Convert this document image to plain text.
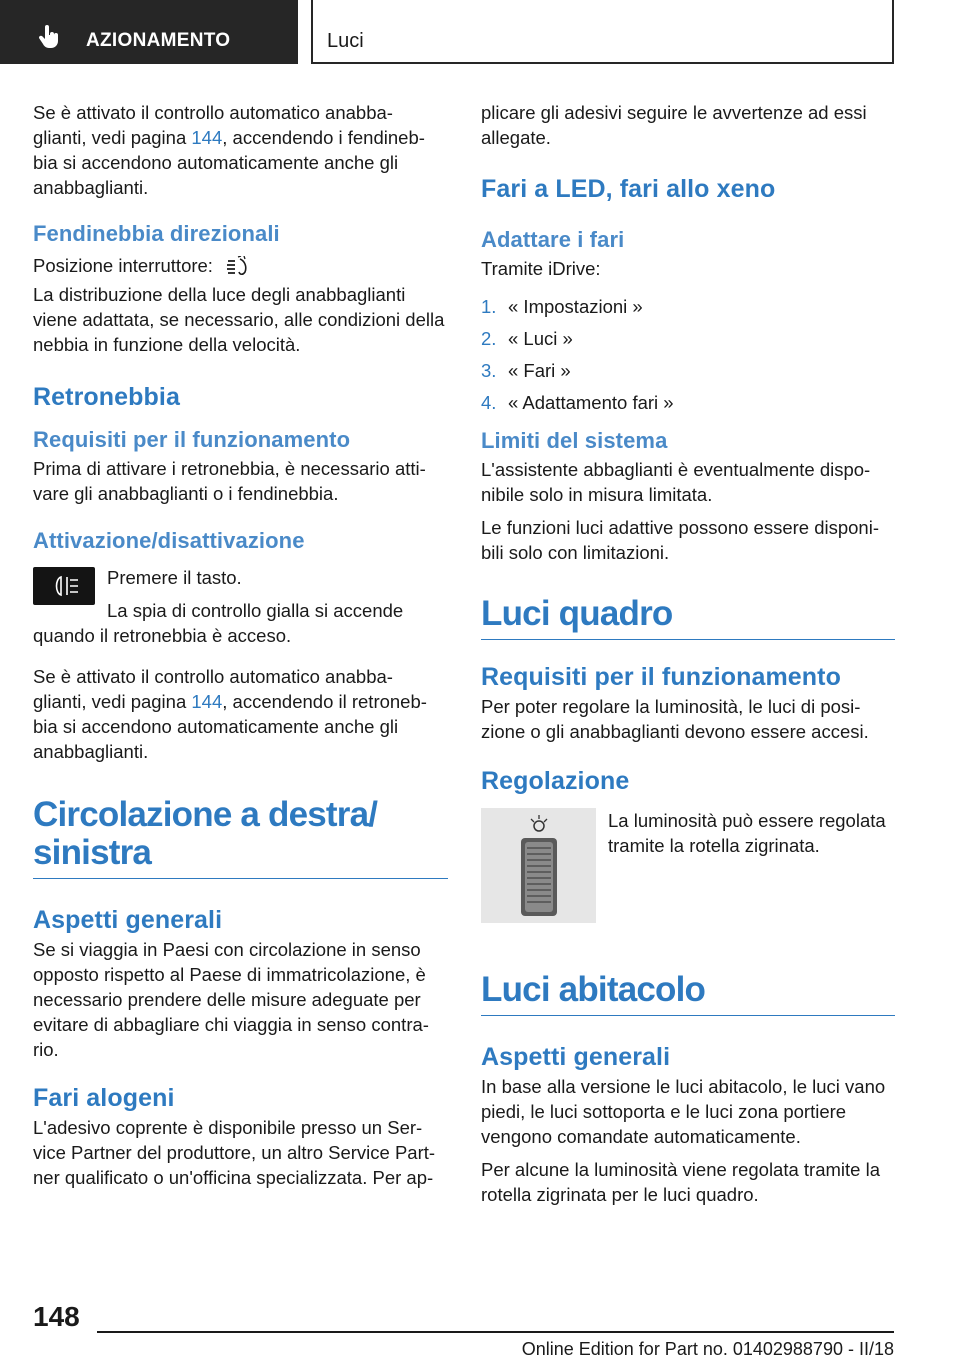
AZIONAMENTO	Luci

Se è attivato il controllo automatico anabba-
glianti, vedi pagina 144, accendendo i fendineb-
bia si accendono automaticamente anche gli
anabbaglianti.

Fendinebbia direzionali

Posizione interruttore:

La distribuzione della luce degli anabbaglianti
viene adattata, se necessario, alle condizioni della
nebbia in funzione della velocità.

Retronebbia
Requisiti per il funzionamento

Prima di attivare i retronebbia, è necessario atti-
vare gli anabbaglianti o i fendinebbia.

Attivazione/disattivazione

Premere il tasto.

La spia di controllo gialla si accende
quando il retronebbia è acceso.

Se è attivato il controllo automatico anabba-
glianti, vedi pagina 144, accendendo il retroneb-
bia si accendono automaticamente anche gli
anabbaglianti.

Circolazione a destra/
sinistra
Aspetti generali

Se si viaggia in Paesi con circolazione in senso
opposto rispetto al Paese di immatricolazione, è
necessario prendere delle misure adeguate per
evitare di abbagliare chi viaggia in senso contra-
rio.

Fari alogeni

L'adesivo coprente è disponibile presso un Ser-
vice Partner del produttore, un altro Service Part-
ner qualificato o un'officina specializzata. Per ap-

plicare gli adesivi seguire le avvertenze ad essi
allegate.

Fari a LED, fari allo xeno
Adattare i fari

Tramite iDrive:

1. « Impostazioni »
2. « Luci »
3. « Fari »
4. « Adattamento fari »
Limiti del sistema

L'assistente abbaglianti è eventualmente dispo-
nibile solo in misura limitata.

Le funzioni luci adattive possono essere disponi-
bili solo con limitazioni.

Luci quadro
Requisiti per il funzionamento

Per poter regolare la luminosità, le luci di posi-
zione o gli anabbaglianti devono essere accesi.

Regolazione

La luminosità può essere regolata
tramite la rotella zigrinata.

Luci abitacolo
Aspetti generali

In base alla versione le luci abitacolo, le luci vano
piedi, le luci sottoporta e le luci zona portiere
vengono comandate automaticamente.

Per alcune la luminosità viene regolata tramite la
rotella zigrinata per le luci quadro.

148
Online Edition for Part no. 01402988790 - II/18
